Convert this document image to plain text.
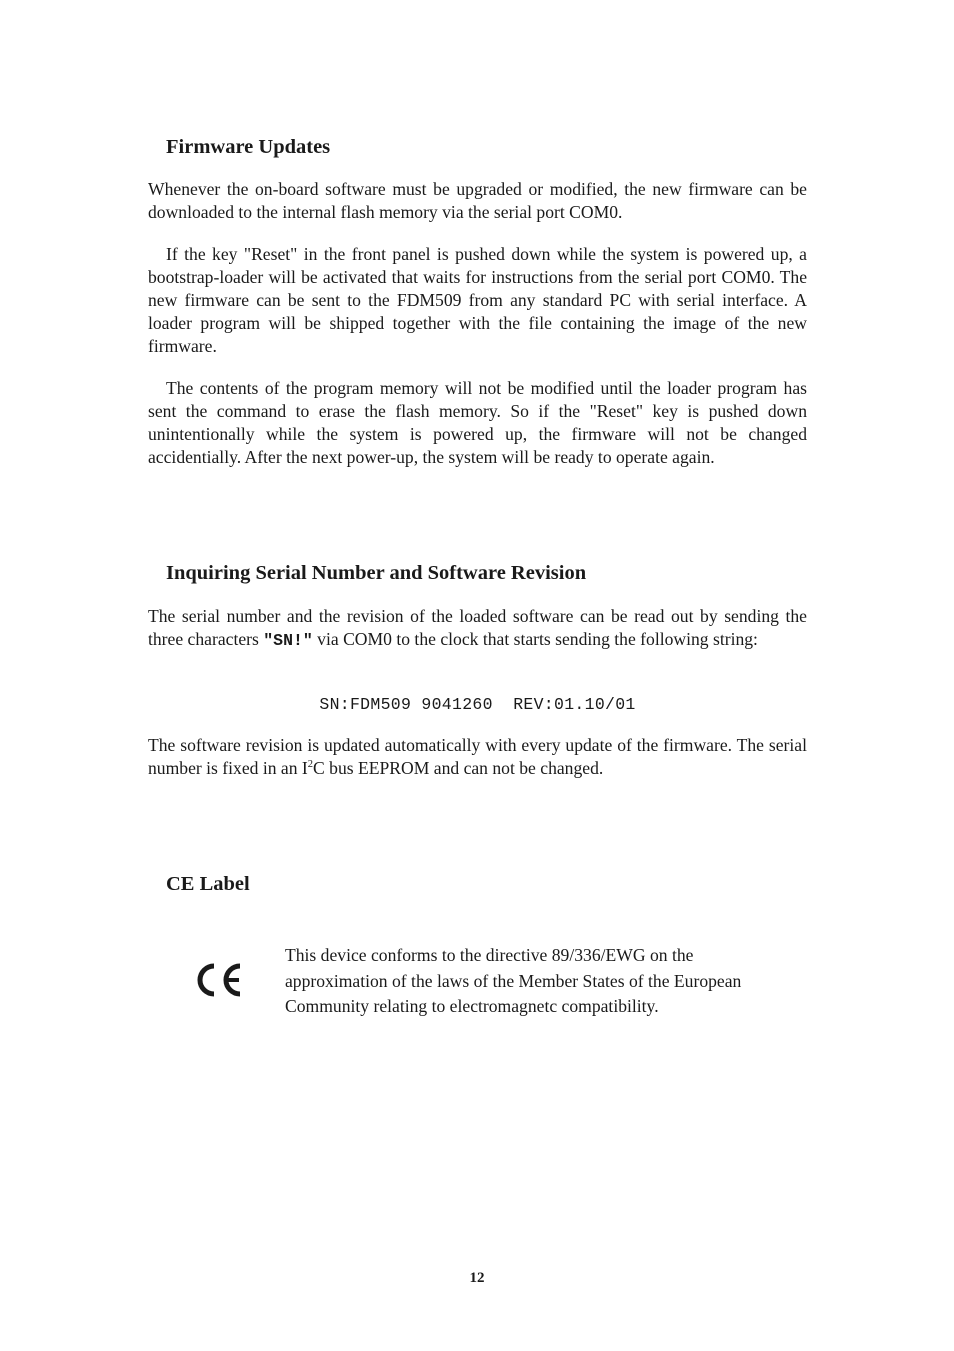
Firmware Updates

Whenever the on-board software must be upgraded or modified, the new firmware can be downloaded to the internal flash memory via the serial port COM0.

If the key "Reset" in the front panel is pushed down while the system is powered up, a bootstrap-loader will be activated that waits for instructions from the serial port COM0. The new firmware can be sent to the FDM509 from any standard PC with serial interface. A loader program will be shipped together with the file containing the image of the new firmware.

The contents of the program memory will not be modified until the loader program has sent the command to erase the flash memory. So if the "Reset" key is pushed down unintentionally while the system is powered up, the firmware will not be changed accidentially. After the next power-up, the system will be ready to operate again.

Inquiring Serial Number and Software Revision

The serial number and the revision of the loaded software can be read out by sending the three characters "SN!" via COM0 to the clock that starts sending the following string:

SN:FDM509 9041260  REV:01.10/01

The software revision is updated automatically with every update of the firmware. The serial number is fixed in an $I^2C$ bus EEPROM and can not be changed.

CE Label
This device conforms to the directive 89/336/EWG on the
approximation of the laws of the Member States of the European
Community relating to electromagnetc compatibility.
12
